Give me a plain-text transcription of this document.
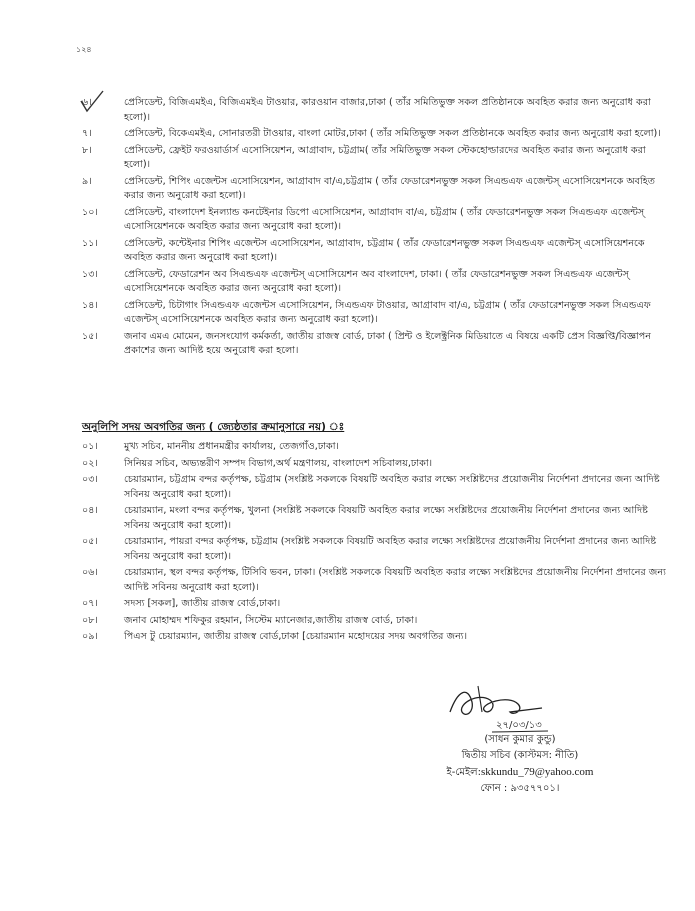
১২৪
৬।	প্রেসিডেন্ট, বিজিএমইএ, বিজিএমইএ টাওয়ার, কারওয়ান বাজার,ঢাকা ( তাঁর সমিতিভুক্ত সকল প্রতিষ্ঠানকে অবহিত করার জন্য অনুরোধ করা হলো)।
৭।	প্রেসিডেন্ট, বিকেএমইএ, সোনারতরী টাওয়ার, বাংলা মোটর,ঢাকা ( তাঁর সমিতিভুক্ত সকল প্রতিষ্ঠানকে অবহিত করার জন্য অনুরোধ করা হলো)।
৮।	প্রেসিডেন্ট, ফ্রেইট ফরওয়ার্ডার্স এসোসিয়েশন, আগ্রাবাদ, চট্টগ্রাম( তাঁর সমিতিভুক্ত সকল স্টেকহোল্ডারদের অবহিত করার জন্য অনুরোধ করা হলো)।
৯।	প্রেসিডেন্ট, শিপিং এজেন্টস এসোসিয়েশন, আগ্রাবাদ বা/এ,চট্টগ্রাম ( তাঁর ফেডারেশনভুক্ত সকল সিএন্ডএফ এজেন্টস্ এসোসিয়েশনকে অবহিত করার জন্য অনুরোধ করা হলো)।
১০।	প্রেসিডেন্ট, বাংলাদেশ ইনল্যান্ড কনটেইনার ডিপো এসোসিয়েশন, আগ্রাবাদ বা/এ, চট্টগ্রাম ( তাঁর ফেডারেশনভুক্ত সকল সিএন্ডএফ এজেন্টস্ এসোসিয়েশনকে অবহিত করার জন্য অনুরোধ করা হলো)।
১১।	প্রেসিডেন্ট, কন্টেইনার শিপিং এজেন্টস এসোসিয়েশন, আগ্রাবাদ, চট্টগ্রাম ( তাঁর ফেডারেশনভুক্ত সকল সিএন্ডএফ এজেন্টস্ এসোসিয়েশনকে অবহিত করার জন্য অনুরোধ করা হলো)।
১৩।	প্রেসিডেন্ট, ফেডারেশন অব সিএন্ডএফ এজেন্টস্ এসোসিয়েশন অব বাংলাদেশ, ঢাকা। ( তাঁর ফেডারেশনভুক্ত সকল সিএন্ডএফ এজেন্টস্ এসোসিয়েশনকে অবহিত করার জন্য অনুরোধ করা হলো)।
১৪।	প্রেসিডেন্ট, চিটাগাং সিএন্ডএফ এজেন্টস এসোসিয়েশন, সিএন্ডএফ টাওয়ার, আগ্রাবাদ বা/এ, চট্টগ্রাম ( তাঁর ফেডারেশনভুক্ত সকল সিএন্ডএফ এজেন্টস্ এসোসিয়েশনকে অবহিত করার জন্য অনুরোধ করা হলো)।
১৫।	জনাব এমএ মোমেন, জনসংযোগ কর্মকর্তা, জাতীয় রাজস্ব বোর্ড, ঢাকা ( প্রিন্ট ও ইলেক্ট্রনিক মিডিয়াতে এ বিষয়ে একটি প্রেস বিজ্ঞপ্তি/বিজ্ঞাপন প্রকাশের জন্য আদিষ্ট হয়ে অনুরোধ করা হলো।
অনুলিপি সদয় অবগতির জন্য ( জ্যেষ্ঠতার ক্রমানুসারে নয়) ঃ
০১।	মুখ্য সচিব, মাননীয় প্রধানমন্ত্রীর কার্যালয়, তেজগাঁও,ঢাকা।
০২।	সিনিয়র সচিব, অভ্যন্তরীণ সম্পদ বিভাগ,অর্থ মন্ত্রণালয়, বাংলাদেশ সচিবালয়,ঢাকা।
০৩।	চেয়ারম্যান, চট্টগ্রাম বন্দর কর্তৃপক্ষ, চট্টগ্রাম (সংশ্লিষ্ট সকলকে বিষয়টি অবহিত করার লক্ষ্যে সংশ্লিষ্টদের প্রয়োজনীয় নির্দেশনা প্রদানের জন্য আদিষ্ট সবিনয় অনুরোধ করা হলো)।
০৪।	চেয়ারম্যান, মংলা বন্দর কর্তৃপক্ষ, খুলনা (সংশ্লিষ্ট সকলকে বিষয়টি অবহিত করার লক্ষ্যে সংশ্লিষ্টদের প্রয়োজনীয় নির্দেশনা প্রদানের জন্য আদিষ্ট সবিনয় অনুরোধ করা হলো)।
০৫।	চেয়ারম্যান, পায়রা বন্দর কর্তৃপক্ষ, চট্টগ্রাম (সংশ্লিষ্ট সকলকে বিষয়টি অবহিত করার লক্ষ্যে সংশ্লিষ্টদের প্রয়োজনীয় নির্দেশনা প্রদানের জন্য আদিষ্ট সবিনয় অনুরোধ করা হলো)।
০৬।	চেয়ারম্যান, স্থল বন্দর কর্তৃপক্ষ, টিসিবি ভবন, ঢাকা। (সংশ্লিষ্ট সকলকে বিষয়টি অবহিত করার লক্ষ্যে সংশ্লিষ্টদের প্রয়োজনীয় নির্দেশনা প্রদানের জন্য আদিষ্ট সবিনয় অনুরোধ করা হলো)।
০৭।	সদস্য [সকল], জাতীয় রাজস্ব বোর্ড,ঢাকা।
০৮।	জনাব মোহাম্মদ শফিকুর রহমান, সিস্টেম ম্যানেজার,জাতীয় রাজস্ব বোর্ড, ঢাকা।
০৯।	পিএস টু চেয়ারম্যান, জাতীয় রাজস্ব বোর্ড,ঢাকা [চেয়ারম্যান মহোদয়ের সদয় অবগতির জন্য।
২৭/০৩/১৩
(সাধন কুমার কুন্ডু)
দ্বিতীয় সচিব (কাস্টমস: নীতি)
ই-মেইল:skkundu_79@yahoo.com
ফোন : ৯৩৫৭৭০১।
